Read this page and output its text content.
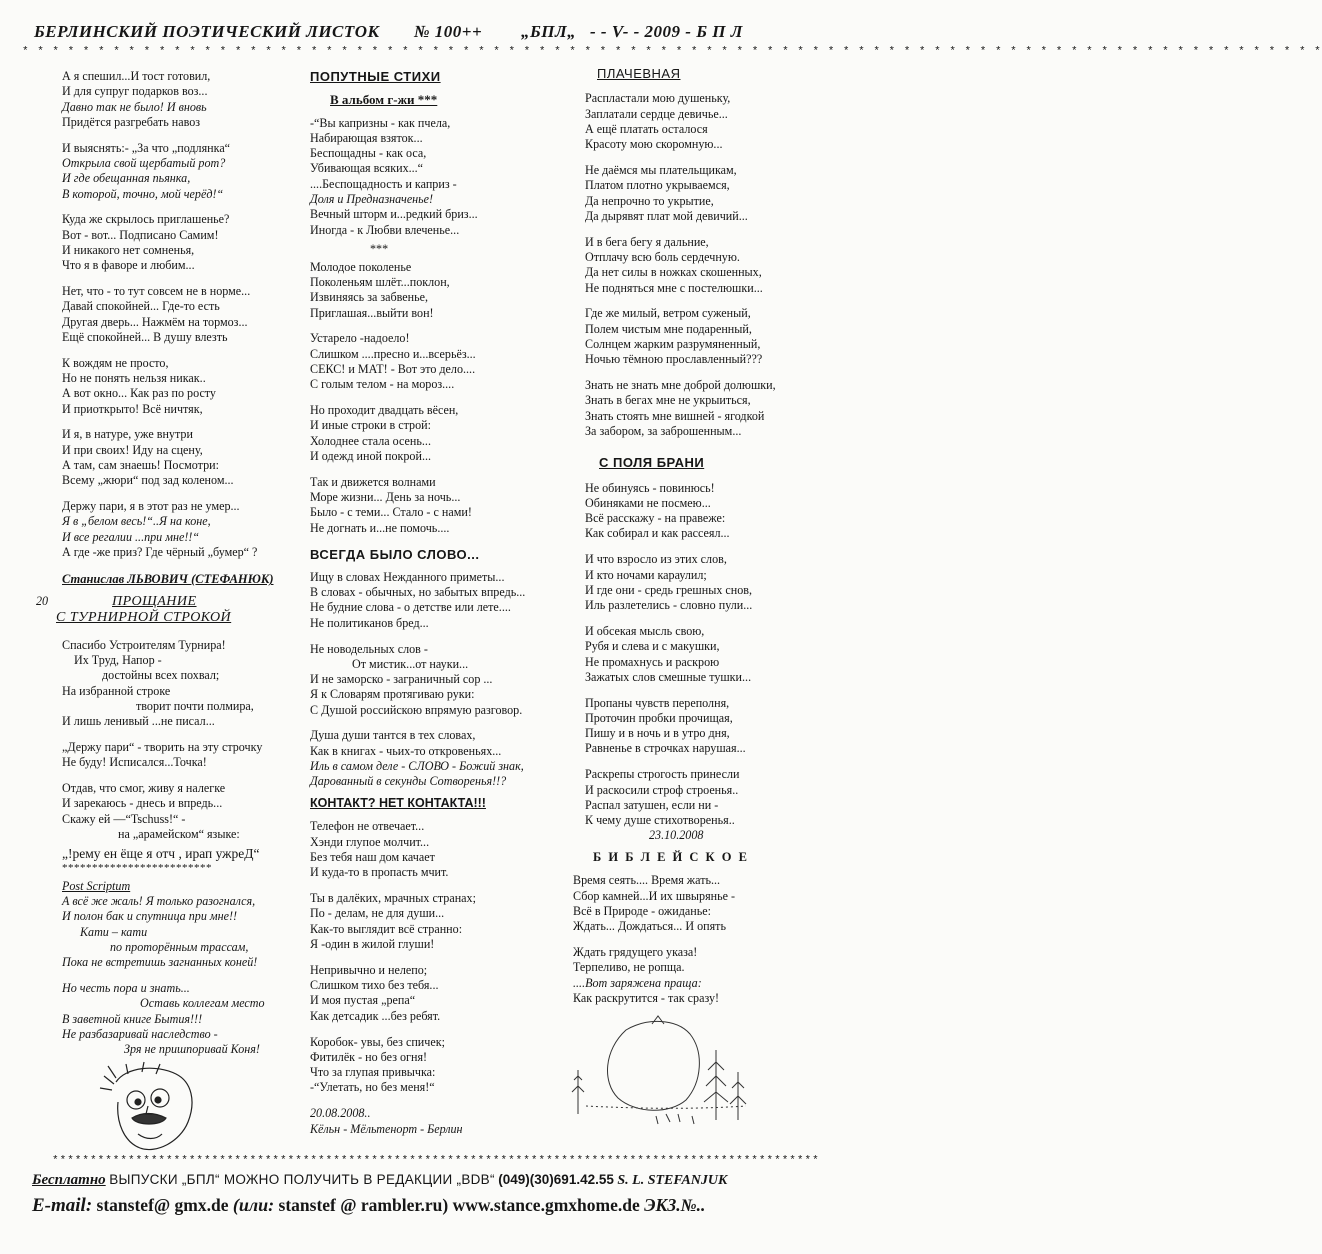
БЕРЛИНСКИЙ ПОЭТИЧЕСКИЙ ЛИСТОК № 100++ „БПЛ„ - - V- - 2009 - Б П Л
* * * * * * * * * * * * * * * * * * * * * * * * * * * * * * * * * * * * * * * * * * * * * * * * * * * * * * * * * * * * * * * * * * * * * * * * * * * * * * * * * * * * * *

А я спешил...И тост готовил,
И для супруг подарков воз...
Давно так не было! И вновь
Придётся разгребать навоз

И выяснять:- „За что „подлянка“
Открыла свой щербатый рот?
И где обещанная пьянка,
В которой, точно, мой черёд!“

Куда же скрылось приглашенье?
Вот - вот... Подписано Самим!
И никакого нет сомненья,
Что я в фаворе и любим...

Нет, что - то тут совсем не в норме...
Давай спокойней... Где-то есть
Другая дверь... Нажмём на тормоз...
Ещё спокойней... В душу влезть

К вождям не просто,
Но не понять нельзя никак..
А вот окно... Как раз по росту
И приоткрыто! Всё ничтяк,

И я, в натуре, уже внутри
И при своих! Иду на сцену,
А там, сам знаешь! Посмотри:
Всему „жюри“ под зад коленом...

Держу пари, я в этот раз не умер...
Я в „белом весь!“..Я на коне,
И все регалии ...при мне!!“
А где -же приз? Где чёрный „бумер“ ?

Станислав ЛЬВОВИЧ (СТЕФАНЮК)
20	ПРОЩАНИЕ
С ТУРНИРНОЙ СТРОКОЙ

Спасибо Устроителям Турнира!
Их Труд, Напор -
достойны всех похвал;
На избранной строке
творит почти полмира,
И лишь ленивый ...не писал...

„Держу пари“ - творить на эту строчку
Не буду! Исписался...Точка!

Отдав, что смог, живу я налегке
И зарекаюсь - днесь и впредь...
Скажу ей —“Tschuss!“ -
на „арамейском“ языке:

„!рему ен ёще я отч , ирап ужреД“
*************************
Post Scriptum

А всё же жаль! Я только разогнался,
И полон бак и спутница при мне!!
Кати – кати
по проторённым трассам,
Пока не встретишь загнанных коней!

Но честь пора и знать...
Оставь коллегам место
В заветной книге Бытия!!!
Не разбазаривай наследство -
Зря не пришпоривай Коня!

ПОПУТНЫЕ СТИХИ
В альбом г-жи ***

-“Вы капризны - как пчела,
Набирающая взяток...
Беспощадны - как оса,
Убивающая всяких...“
....Беспощадность и каприз -
Доля и Предназначенье!
Вечный шторм и...редкий бриз...
Иногда - к Любви влеченье...

***

Молодое поколенье
Поколеньям шлёт...поклон,
Извиняясь за забвенье,
Приглашая...выйти вон!

Устарело -надоело!
Слишком ....пресно и...всерьёз...
СЕКС! и МАТ! - Вот это дело....
С голым телом - на мороз....

Но проходит двадцать вёсен,
И иные строки в строй:
Холоднее стала осень...
И одежд иной покрой...

Так и движется волнами
Море жизни... День за ночь...
Было - с теми... Стало - с нами!
Не догнать и...не помочь....

ВСЕГДА БЫЛО СЛОВО...

Ищу в словах Нежданного приметы...
В словах - обычных, но забытых впредь...
Не будние слова - о детстве или лете....
Не политиканов бред...

Не новодельных слов -
От мистик...от науки...
И не заморско - заграничный сор ...
Я к Словарям протягиваю руки:
С Душой российскою впрямую разговор.

Душа души тантся в тех словах,
Как в книгах - чьих-то откровеньях...
Иль в самом деле - СЛОВО - Божий знак,
Дарованный в секунды Сотворенья!!?

КОНТАКТ? НЕТ КОНТАКТА!!!

Телефон не отвечает...
Хэнди глупое молчит...
Без тебя наш дом качает
И куда-то в пропасть мчит.

Ты в далёких, мрачных странах;
По - делам, не для души...
Как-то выглядит всё странно:
Я -один в жилой глуши!

Непривычно и нелепо;
Слишком тихо без тебя...
И моя пустая „репа“
Как детсадик ...без ребят.

Коробок- увы, без спичек;
Фитилёк - но без огня!
Что за глупая привычка:
-“Улетать, но без меня!“

20.08.2008..
Кёльн - Мёльтенорт - Берлин
ПЛАЧЕВНАЯ

Распластали мою душеньку,
Заплатали сердце девичье...
А ещё платать осталося
Красоту мою скоромную...

Не даёмся мы плательщикам,
Платом плотно укрываемся,
Да непрочно то укрытие,
Да дырявят плат мой девичий...

И в бега бегу я дальние,
Отплачу всю боль сердечную.
Да нет силы в ножках скошенных,
Не подняться мне с постелюшки...

Где же милый, ветром суженый,
Полем чистым мне подаренный,
Солнцем жарким разрумяненный,
Ночью тёмною прославленный???

Знать не знать мне доброй долюшки,
Знать в бегах мне не укрыиться,
Знать стоять мне вишней - ягодкой
За забором, за заброшенным...

С ПОЛЯ БРАНИ

Не обинуясь - повинюсь!
Обиняками не посмею...
Всё расскажу - на правеже:
Как собирал и как рассеял...

И что взросло из этих слов,
И кто ночами караулил;
И где они - средь грешных снов,
Иль разлетелись - словно пули...

И обсекая мысль свою,
Рубя и слева и с макушки,
Не промахнусь и раскрою
Зажатых слов смешные тушки...

Пропаны чувств переполня,
Проточин пробки прочищая,
Пишу и в ночь и в утро дня,
Равненье в строчках нарушая...

Раскрепы строгость принесли
И раскосили строф строенья..
Распал затушен, если ни -
К чему душе стихотворенья..

23.10.2008
Б И Б Л Е Й С К О Е

Время сеять.... Время жать...
Сбор камней...И их швырянье -
Всё в Природе - ожиданье:
Ждать... Дождаться... И опять

Ждать грядущего указа!
Терпеливо, не ропща.
....Вот заряжена праща:
Как раскрутится - так сразу!

*****************************************************************************************************
Бесплатно ВЫПУСКИ „БПЛ“ МОЖНО ПОЛУЧИТЬ В РЕДАКЦИИ „BDB“ (049)(30)691.42.55 S. L. STEFANJUK
E-mail: stanstef@ gmx.de (или: stanstef @ rambler.ru) www.stance.gmxhome.de ЭКЗ.№..
